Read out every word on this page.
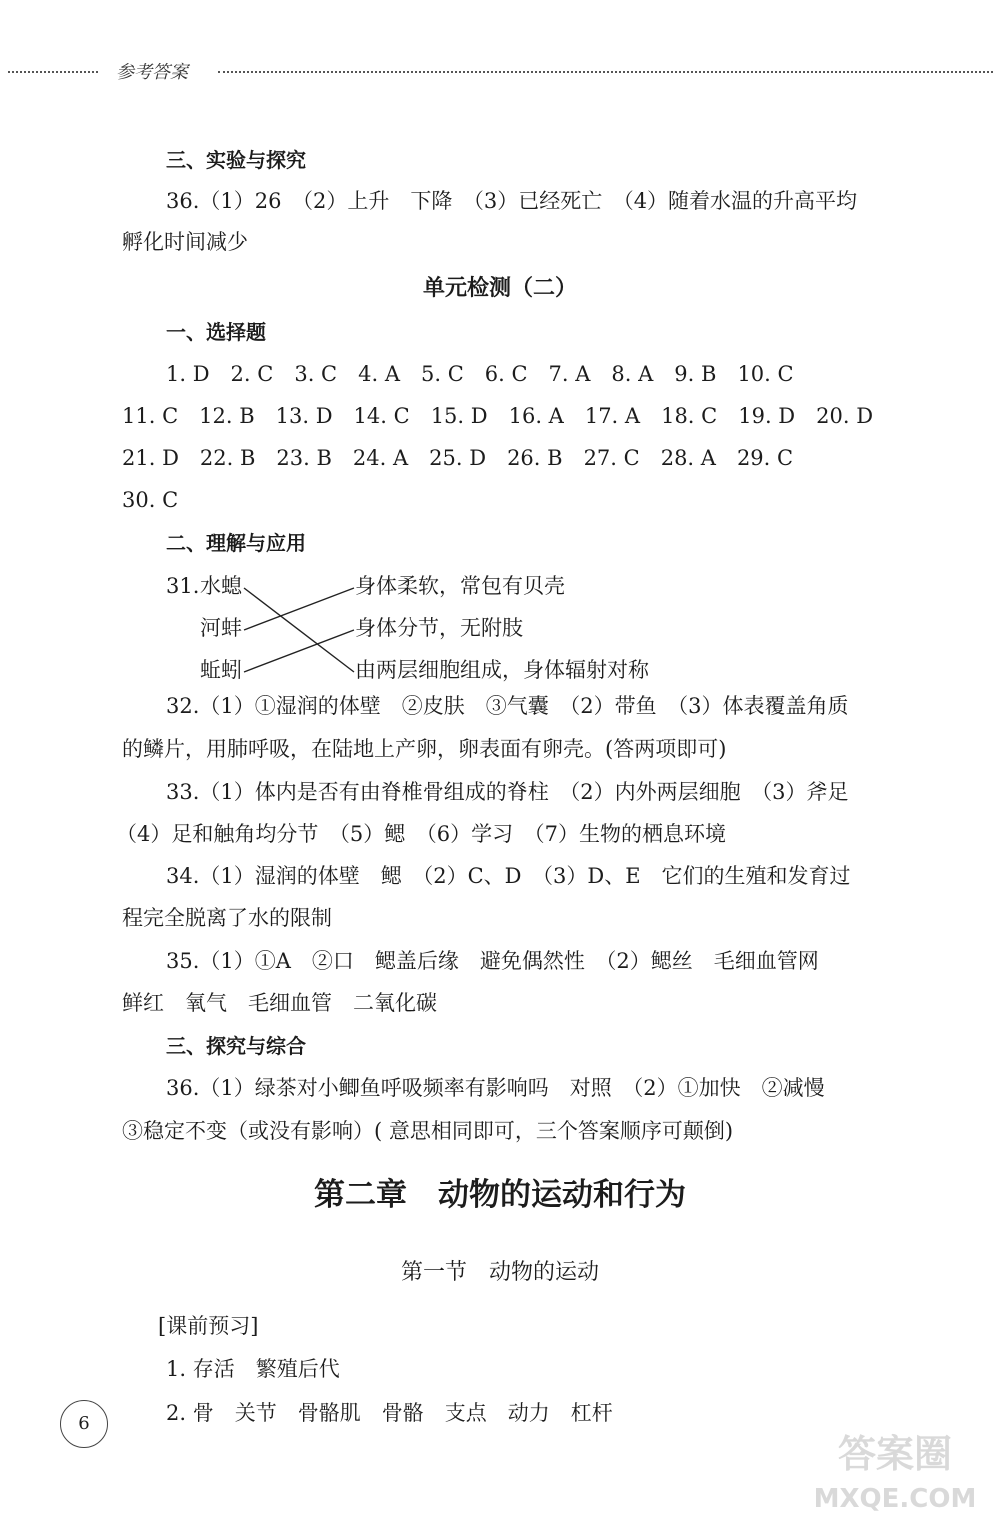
参考答案
三、实验与探究
36.（1）26　（2）上升　下降　（3）已经死亡　（4）随着水温的升高平均
孵化时间减少
单元检测（二）
一、选择题
1. D　2. C　3. C　4. A　5. C　6. C　7. A　8. A　9. B　10. C
11. C　12. B　13. D　14. C　15. D　16. A　17. A　18. C　19. D　20. D
21. D　22. B　23. B　24. A　25. D　26. B　27. C　28. A　29. C
30. C
二、理解与应用
31. 水螅
河蚌
蚯蚓
身体柔软，常包有贝壳
身体分节，无附肢
由两层细胞组成，身体辐射对称
32.（1）①湿润的体壁　②皮肤　③气囊　（2）带鱼　（3）体表覆盖角质
的鳞片，用肺呼吸，在陆地上产卵，卵表面有卵壳。(答两项即可)
33.（1）体内是否有由脊椎骨组成的脊柱　（2）内外两层细胞　（3）斧足
（4）足和触角均分节　（5）鳃　（6）学习　（7）生物的栖息环境
34.（1）湿润的体壁　鳃　（2）C、D　（3）D、E　它们的生殖和发育过
程完全脱离了水的限制
35.（1）①A　②口　鳃盖后缘　避免偶然性　（2）鳃丝　毛细血管网
鲜红　氧气　毛细血管　二氧化碳
三、探究与综合
36.（1）绿茶对小鲫鱼呼吸频率有影响吗　对照　（2）①加快　②减慢
③稳定不变（或没有影响）( 意思相同即可，三个答案顺序可颠倒)
第二章　动物的运动和行为
第一节　动物的运动
[课前预习]
1. 存活　繁殖后代
2. 骨　关节　骨骼肌　骨骼　支点　动力　杠杆
6
答案圈
MXQE.COM
